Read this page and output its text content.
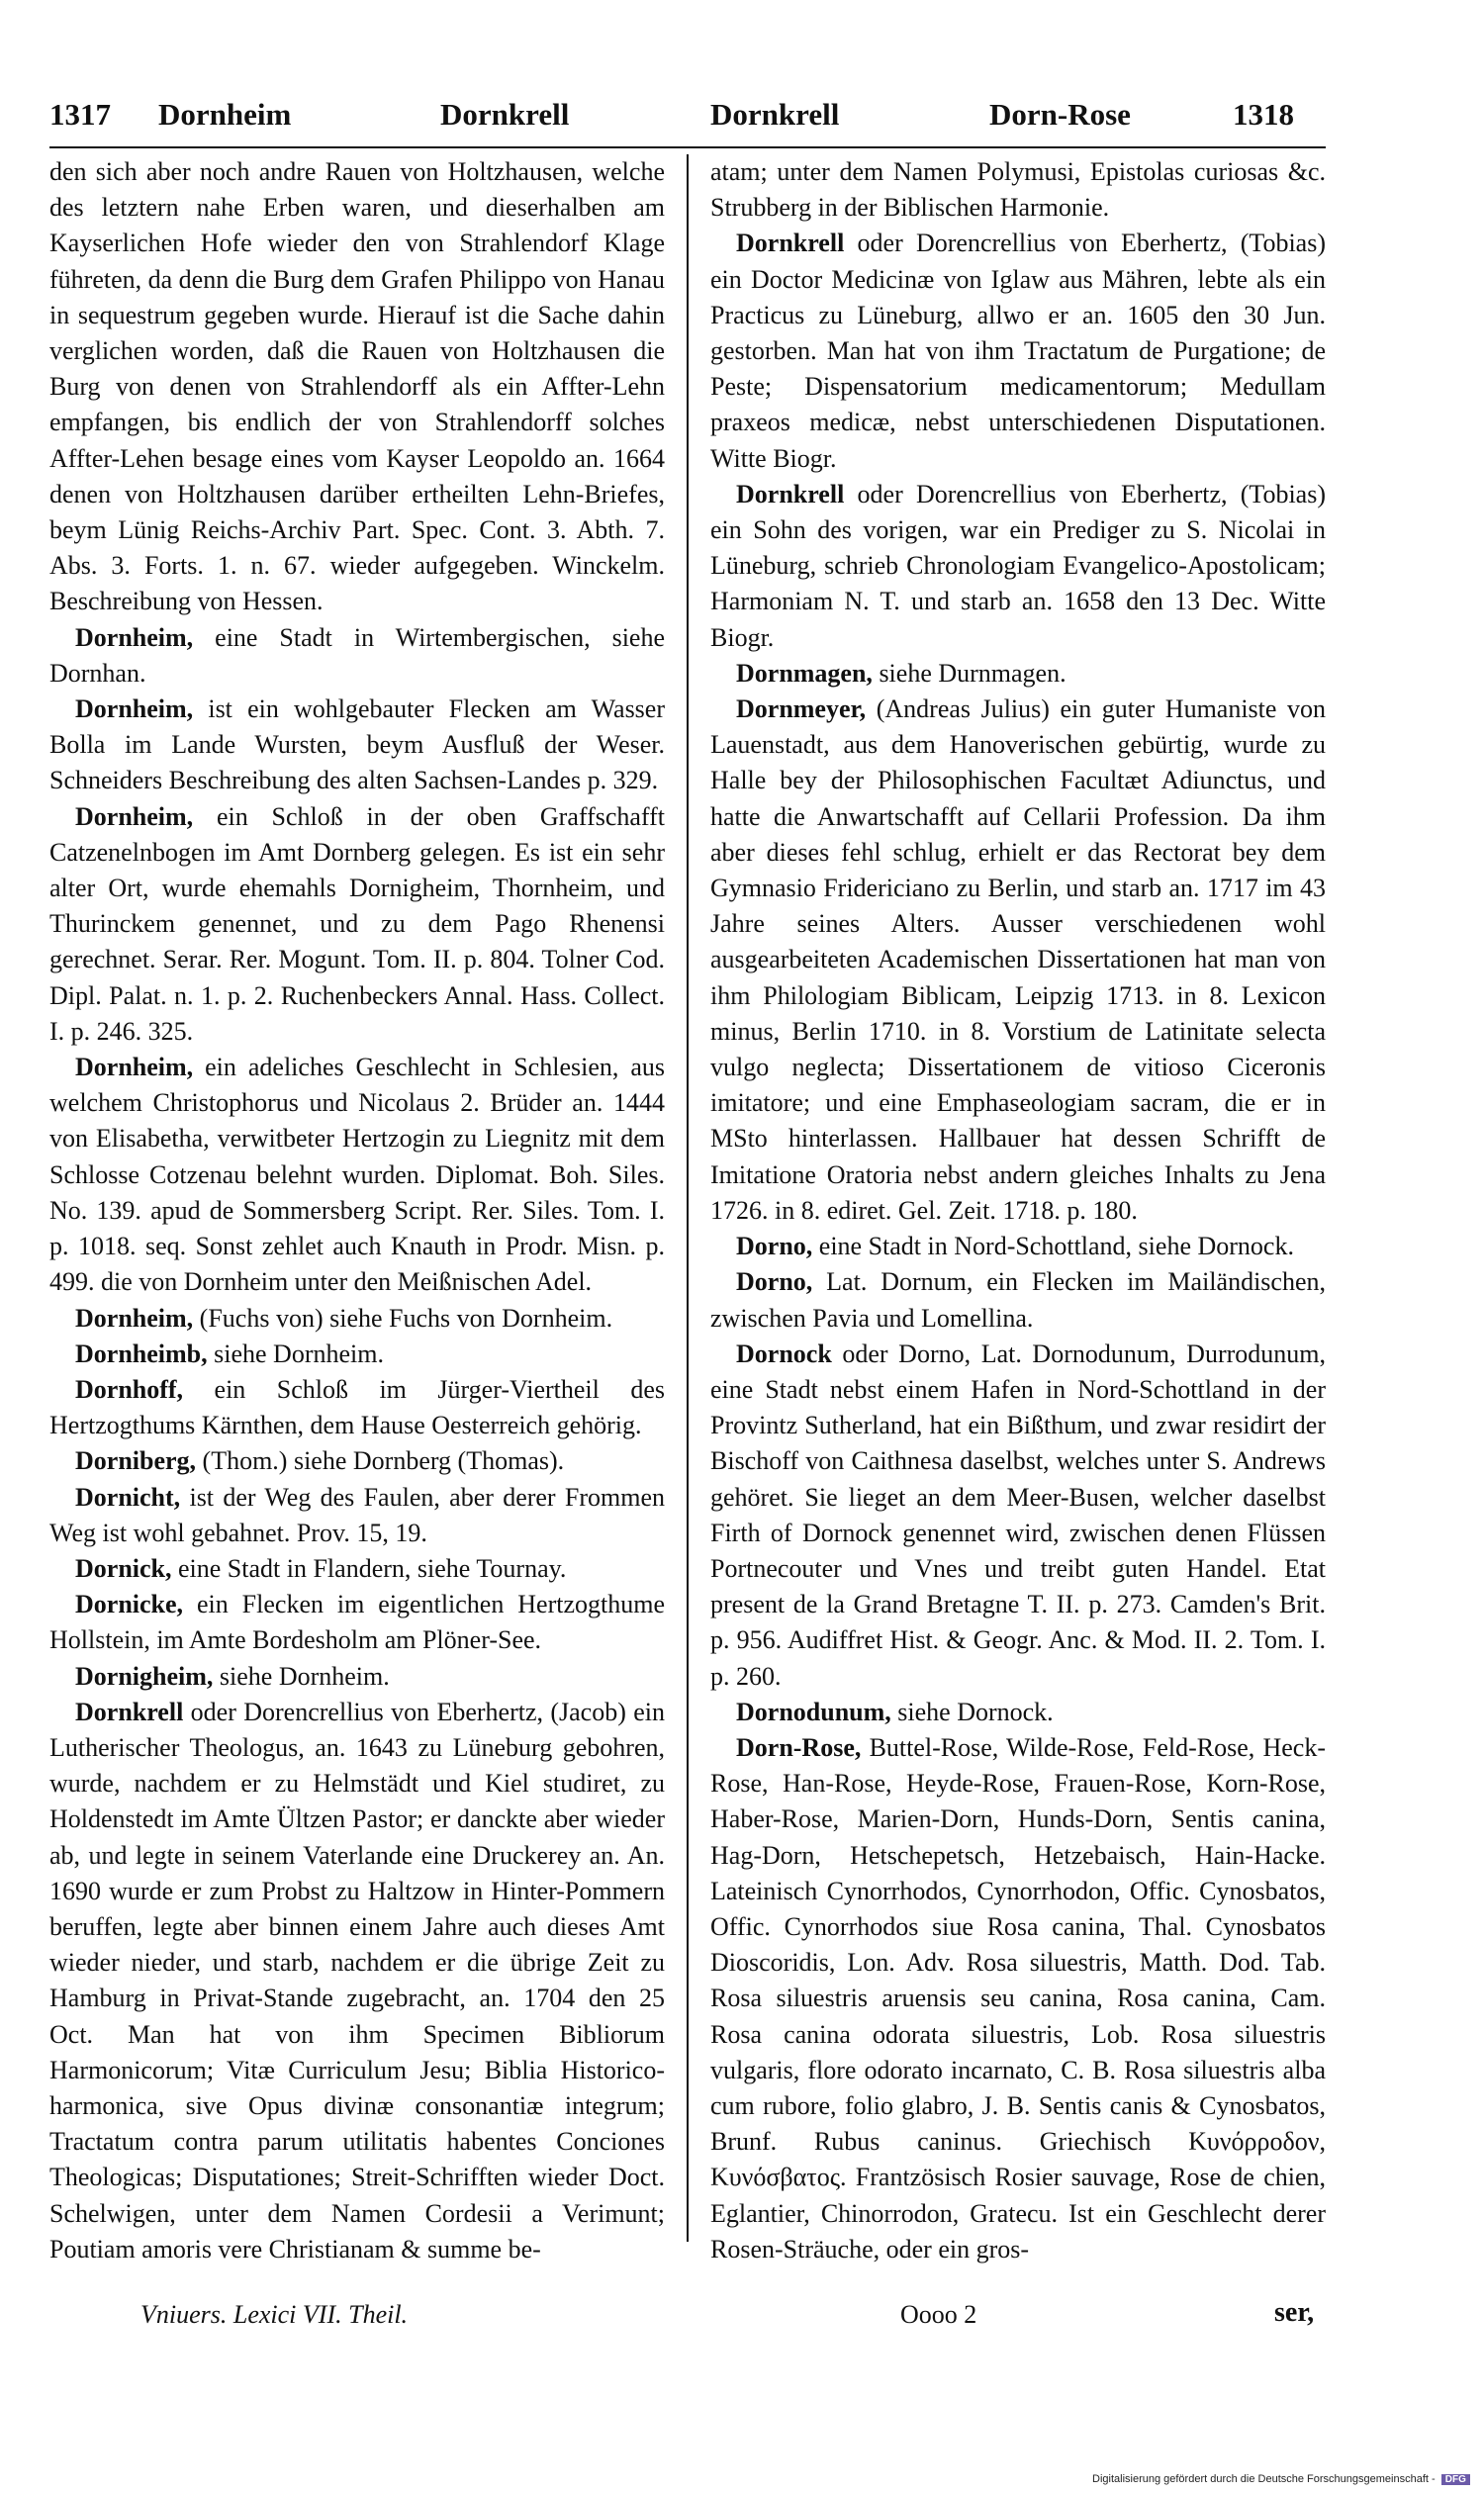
1317 Dornheim	Dornkrell	Dornkrell	Dorn-Rose	1318

den sich aber noch andre Rauen von Holtzhausen, welche des letztern nahe Erben waren, und dieserhalben am Kayserlichen Hofe wieder den von Strahlendorf Klage führeten, da denn die Burg dem Grafen Philippo von Hanau in sequestrum gegeben wurde. Hierauf ist die Sache dahin verglichen worden, daß die Rauen von Holtzhausen die Burg von denen von Strahlendorff als ein Affter-Lehn empfangen, bis endlich der von Strahlendorff solches Affter-Lehen besage eines vom Kayser Leopoldo an. 1664 denen von Holtzhausen darüber ertheilten Lehn-Briefes, beym Lünig Reichs-Archiv Part. Spec. Cont. 3. Abth. 7. Abs. 3. Forts. 1. n. 67. wieder aufgegeben. Winckelm. Beschreibung von Hessen.

Dornheim, eine Stadt in Wirtembergischen, siehe Dornhan.

Dornheim, ist ein wohlgebauter Flecken am Wasser Bolla im Lande Wursten, beym Ausfluß der Weser. Schneiders Beschreibung des alten Sachsen-Landes p. 329.

Dornheim, ein Schloß in der oben Graffschafft Catzenelnbogen im Amt Dornberg gelegen. Es ist ein sehr alter Ort, wurde ehemahls Dornigheim, Thornheim, und Thurinckem genennet, und zu dem Pago Rhenensi gerechnet. Serar. Rer. Mogunt. Tom. II. p. 804. Tolner Cod. Dipl. Palat. n. 1. p. 2. Ruchenbeckers Annal. Hass. Collect. I. p. 246. 325.

Dornheim, ein adeliches Geschlecht in Schlesien, aus welchem Christophorus und Nicolaus 2. Brüder an. 1444 von Elisabetha, verwitbeter Hertzogin zu Liegnitz mit dem Schlosse Cotzenau belehnt wurden. Diplomat. Boh. Siles. No. 139. apud de Sommersberg Script. Rer. Siles. Tom. I. p. 1018. seq. Sonst zehlet auch Knauth in Prodr. Misn. p. 499. die von Dornheim unter den Meißnischen Adel.

Dornheim, (Fuchs von) siehe Fuchs von Dornheim.

Dornheimb, siehe Dornheim.

Dornhoff, ein Schloß im Jürger-Viertheil des Hertzogthums Kärnthen, dem Hause Oesterreich gehörig.

Dorniberg, (Thom.) siehe Dornberg (Thomas).

Dornicht, ist der Weg des Faulen, aber derer Frommen Weg ist wohl gebahnet. Prov. 15, 19.

Dornick, eine Stadt in Flandern, siehe Tournay.

Dornicke, ein Flecken im eigentlichen Hertzogthume Hollstein, im Amte Bordesholm am Plöner-See.

Dornigheim, siehe Dornheim.

Dornkrell oder Dorencrellius von Eberhertz, (Jacob) ein Lutherischer Theologus, an. 1643 zu Lüneburg gebohren, wurde, nachdem er zu Helmstädt und Kiel studiret, zu Holdenstedt im Amte Ültzen Pastor; er danckte aber wieder ab, und legte in seinem Vaterlande eine Druckerey an. An. 1690 wurde er zum Probst zu Haltzow in Hinter-Pommern beruffen, legte aber binnen einem Jahre auch dieses Amt wieder nieder, und starb, nachdem er die übrige Zeit zu Hamburg in Privat-Stande zugebracht, an. 1704 den 25 Oct. Man hat von ihm Specimen Bibliorum Harmonicorum; Vitæ Curriculum Jesu; Biblia Historico-harmonica, sive Opus divinæ consonantiæ integrum; Tractatum contra parum utilitatis habentes Conciones Theologicas; Disputationes; Streit-Schrifften wieder Doct. Schelwigen, unter dem Namen Cordesii a Verimunt; Poutiam amoris vere Christianam & summe be-

atam; unter dem Namen Polymusi, Epistolas curiosas &c. Strubberg in der Biblischen Harmonie.

Dornkrell oder Dorencrellius von Eberhertz, (Tobias) ein Doctor Medicinæ von Iglaw aus Mähren, lebte als ein Practicus zu Lüneburg, allwo er an. 1605 den 30 Jun. gestorben. Man hat von ihm Tractatum de Purgatione; de Peste; Dispensatorium medicamentorum; Medullam praxeos medicæ, nebst unterschiedenen Disputationen. Witte Biogr.

Dornkrell oder Dorencrellius von Eberhertz, (Tobias) ein Sohn des vorigen, war ein Prediger zu S. Nicolai in Lüneburg, schrieb Chronologiam Evangelico-Apostolicam; Harmoniam N. T. und starb an. 1658 den 13 Dec. Witte Biogr.

Dornmagen, siehe Durnmagen.

Dornmeyer, (Andreas Julius) ein guter Humaniste von Lauenstadt, aus dem Hanoverischen gebürtig, wurde zu Halle bey der Philosophischen Facultæt Adiunctus, und hatte die Anwartschafft auf Cellarii Profession. Da ihm aber dieses fehl schlug, erhielt er das Rectorat bey dem Gymnasio Fridericiano zu Berlin, und starb an. 1717 im 43 Jahre seines Alters. Ausser verschiedenen wohl ausgearbeiteten Academischen Dissertationen hat man von ihm Philologiam Biblicam, Leipzig 1713. in 8. Lexicon minus, Berlin 1710. in 8. Vorstium de Latinitate selecta vulgo neglecta; Dissertationem de vitioso Ciceronis imitatore; und eine Emphaseologiam sacram, die er in MSto hinterlassen. Hallbauer hat dessen Schrifft de Imitatione Oratoria nebst andern gleiches Inhalts zu Jena 1726. in 8. ediret. Gel. Zeit. 1718. p. 180.

Dorno, eine Stadt in Nord-Schottland, siehe Dornock.

Dorno, Lat. Dornum, ein Flecken im Mailändischen, zwischen Pavia und Lomellina.

Dornock oder Dorno, Lat. Dornodunum, Durrodunum, eine Stadt nebst einem Hafen in Nord-Schottland in der Provintz Sutherland, hat ein Bißthum, und zwar residirt der Bischoff von Caithnesa daselbst, welches unter S. Andrews gehöret. Sie lieget an dem Meer-Busen, welcher daselbst Firth of Dornock genennet wird, zwischen denen Flüssen Portnecouter und Vnes und treibt guten Handel. Etat present de la Grand Bretagne T. II. p. 273. Camden's Brit. p. 956. Audiffret Hist. & Geogr. Anc. & Mod. II. 2. Tom. I. p. 260.

Dornodunum, siehe Dornock.

Dorn-Rose, Buttel-Rose, Wilde-Rose, Feld-Rose, Heck-Rose, Han-Rose, Heyde-Rose, Frauen-Rose, Korn-Rose, Haber-Rose, Marien-Dorn, Hunds-Dorn, Sentis canina, Hag-Dorn, Hetschepetsch, Hetzebaisch, Hain-Hacke. Lateinisch Cynorrhodos, Cynorrhodon, Offic. Cynosbatos, Offic. Cynorrhodos siue Rosa canina, Thal. Cynosbatos Dioscoridis, Lon. Adv. Rosa siluestris, Matth. Dod. Tab. Rosa siluestris aruensis seu canina, Rosa canina, Cam. Rosa canina odorata siluestris, Lob. Rosa siluestris vulgaris, flore odorato incarnato, C. B. Rosa siluestris alba cum rubore, folio glabro, J. B. Sentis canis & Cynosbatos, Brunf. Rubus caninus. Griechisch Κυνόρροδον, Κυνόσβατος. Frantzösisch Rosier sauvage, Rose de chien, Eglantier, Chinorrodon, Gratecu. Ist ein Geschlecht derer Rosen-Sträuche, oder ein gros-

Vniuers. Lexici VII. Theil.	Oooo 2	ser,
Digitalisierung gefördert durch die Deutsche Forschungsgemeinschaft - DFG
